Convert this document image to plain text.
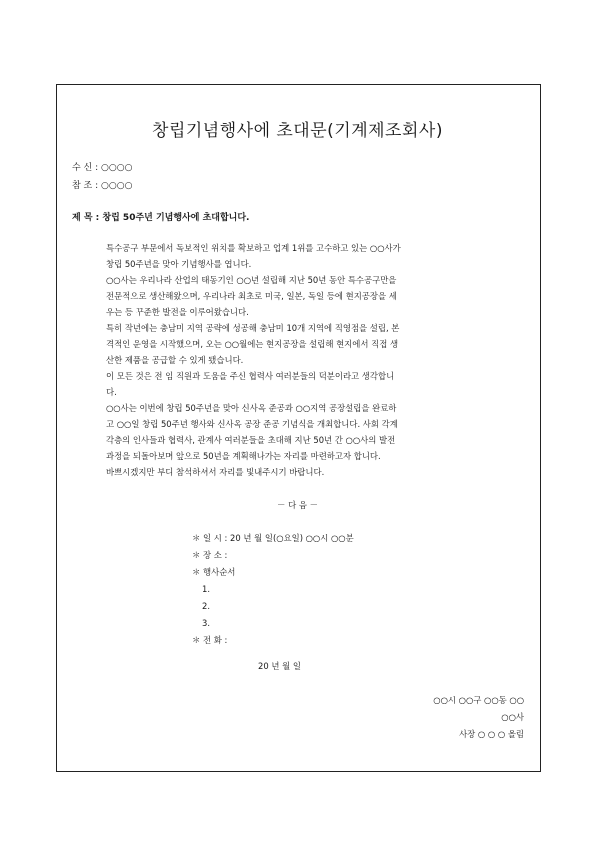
창립기념행사에 초대문(기계제조회사)
수 신 : ○○○○
참 조 : ○○○○
제 목 : 창립 50주년 기념행사에 초대합니다.
특수공구 부문에서 독보적인 위치를 확보하고 업계 1위를 고수하고 있는 ○○사가
창립 50주년을 맞아 기념행사를 엽니다.
○○사는 우리나라 산업의 태동기인 ○○년 설립해 지난 50년 동안 특수공구만을
전문적으로 생산해왔으며, 우리나라 최초로 미국, 일본, 독일 등에 현지공장을 세
우는 등 꾸준한 발전을 이루어왔습니다.
특히 작년에는 충남미 지역 공략에 성공해 충남미 10개 지역에 직영점을 설립, 본
격적인 운영을 시작했으며, 오는 ○○월에는 현지공장을 설립해 현지에서 직접 생
산한 제품을 공급할 수 있게 됐습니다.
이 모든 것은 전 임 직원과 도움을 주신 협력사 여러분들의 덕분이라고 생각합니
다.
○○사는 이번에 창립 50주년을 맞아 신사옥 준공과 ○○지역 공장설립을 완료하
고 ○○일 창립 50주년 행사와 신사옥 공장 준공 기념식을 개최합니다. 사회 각계
각층의 인사들과 협력사, 관계사 여러분들을 초대해 지난 50년 간 ○○사의 발전
과정을 되돌아보며 앞으로 50년을 계획해나가는 자리를 마련하고자 합니다.
바쁘시겠지만 부디 참석하셔서 자리를 빛내주시기 바랍니다.
－ 다 음 －
＊ 일 시 : 20 년 월 일(○요일) ○○시 ○○분
＊ 장 소 :
＊ 행사순서
1.
2.
3.
＊ 전 화 :
20 년 월 일
○○시 ○○구 ○○동 ○○
○○사
사장 ○ ○ ○ 올림
